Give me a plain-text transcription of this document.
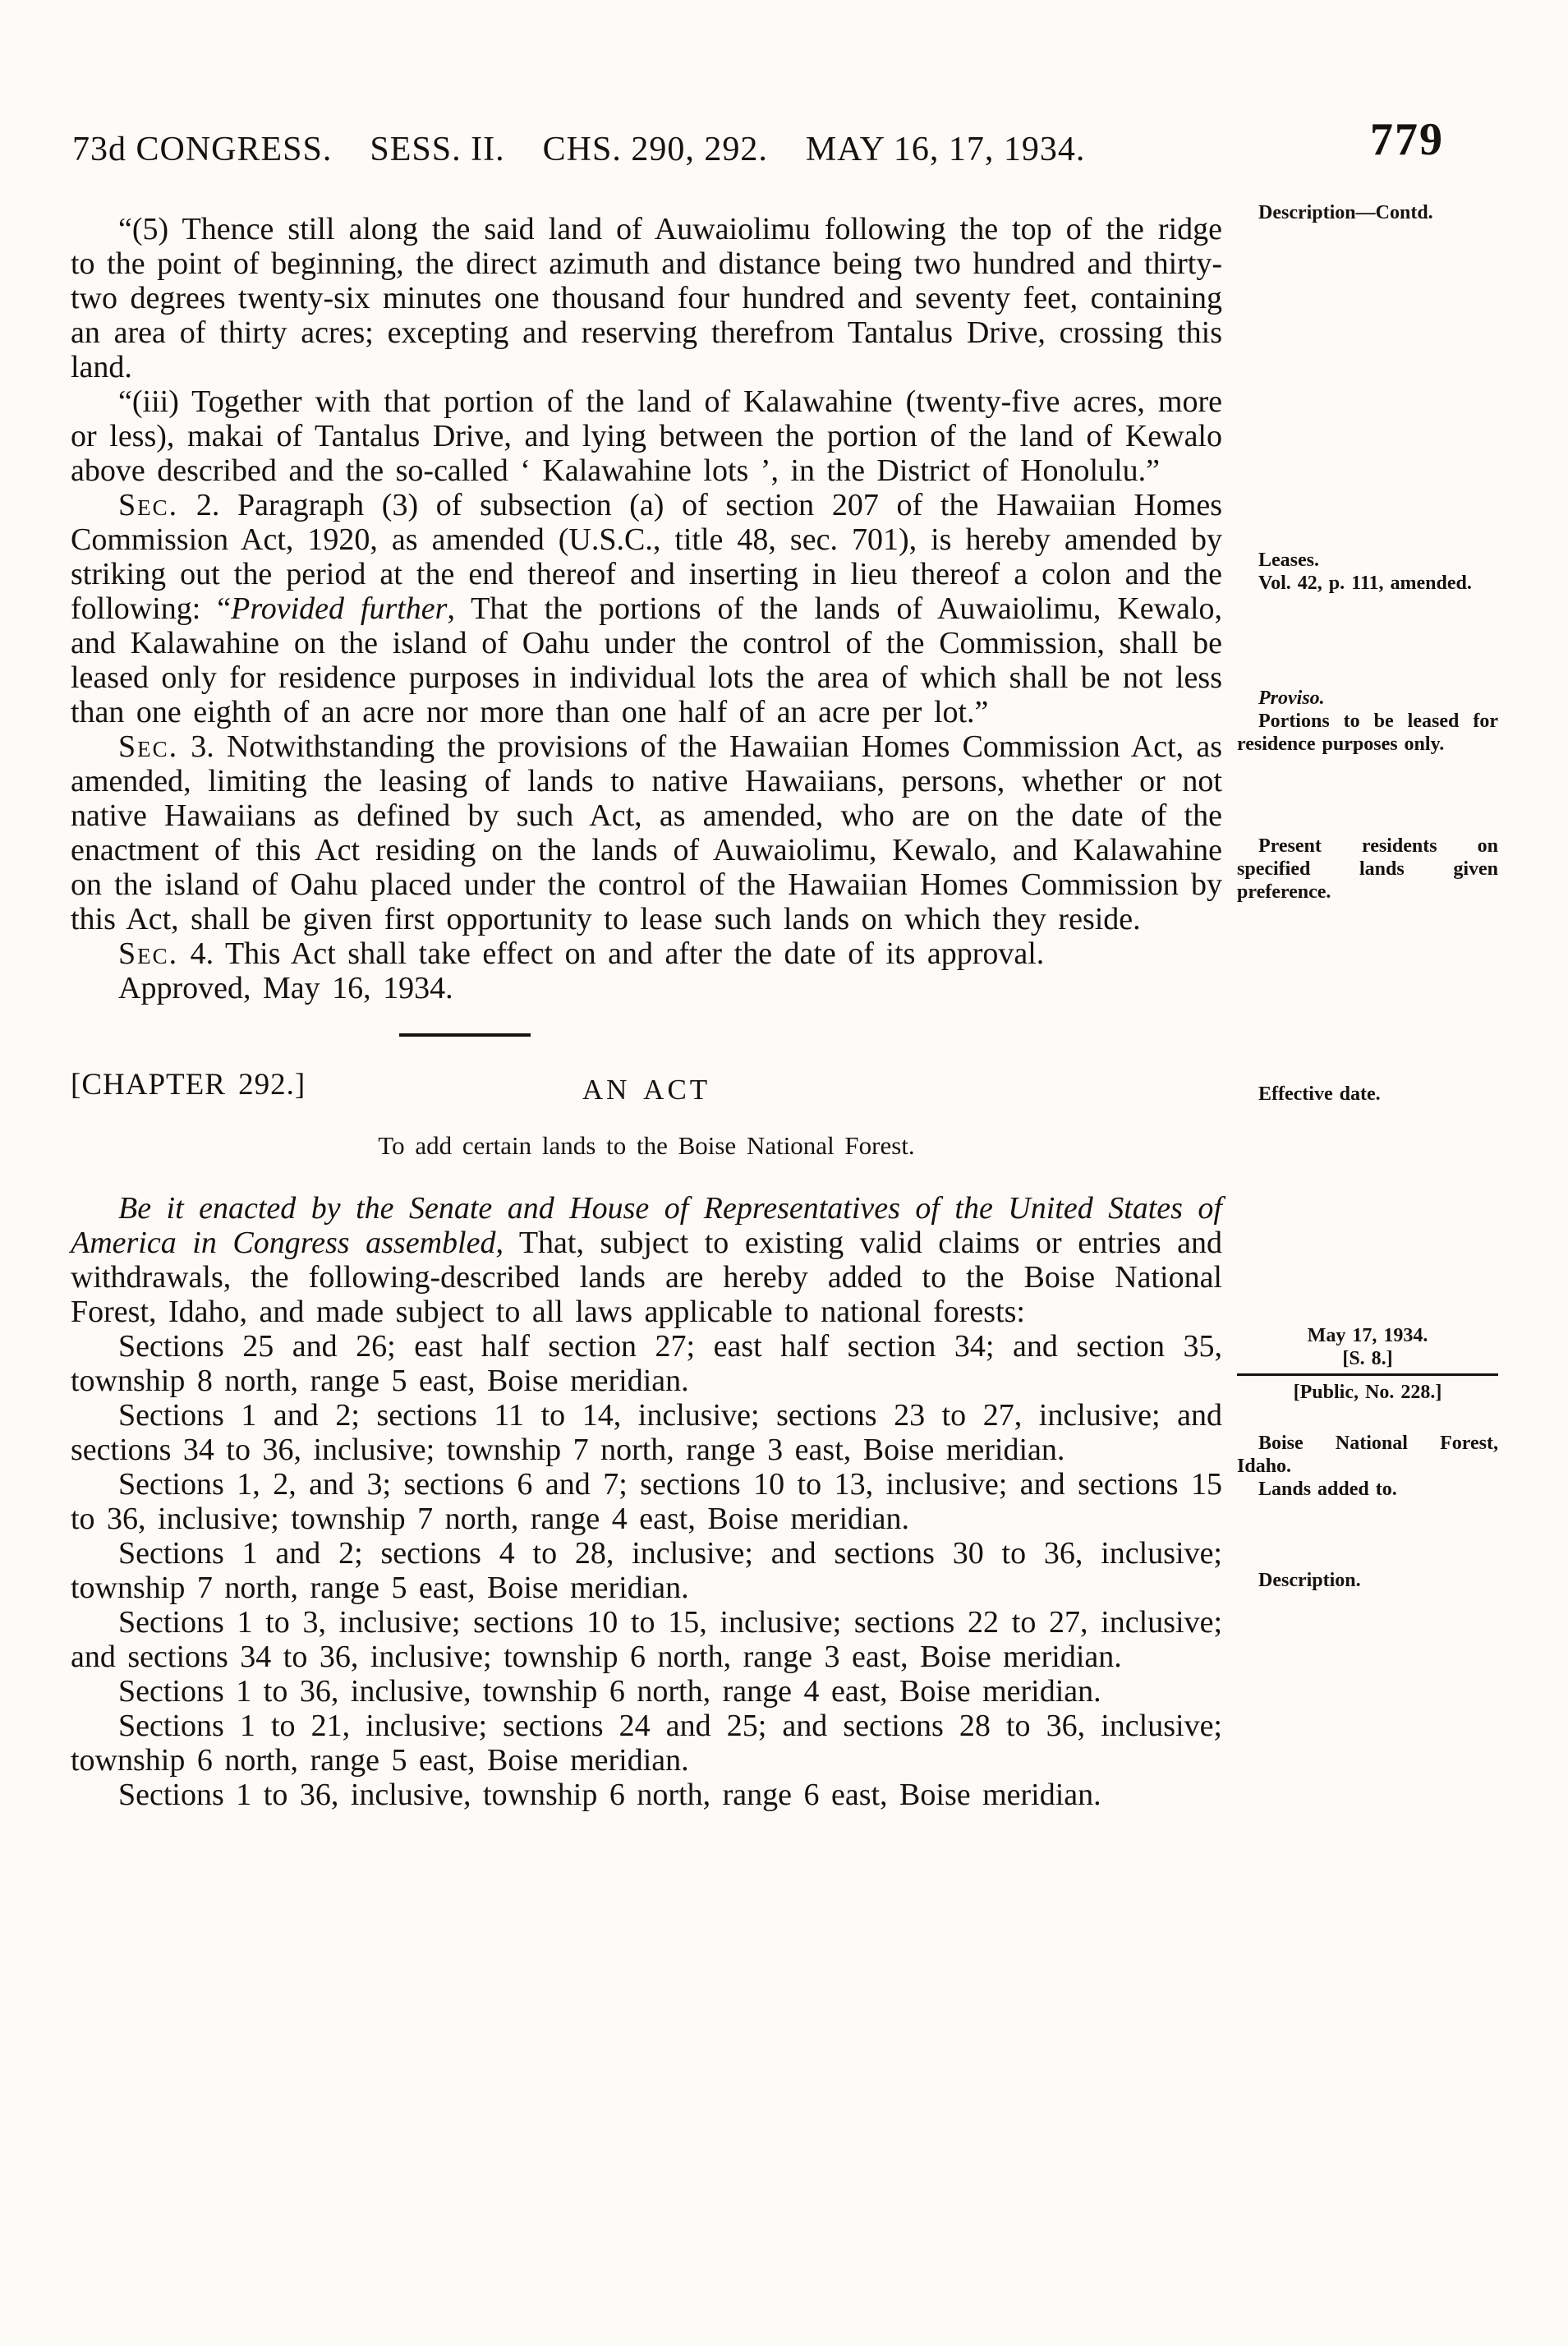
73d CONGRESS. SESS. II. CHS. 290, 292. MAY 16, 17, 1934.	779

“(5) Thence still along the said land of Auwaiolimu following the top of the ridge to the point of beginning, the direct azimuth and distance being two hundred and thirty-two degrees twenty-six minutes one thousand four hundred and seventy feet, containing an area of thirty acres; excepting and reserving therefrom Tantalus Drive, crossing this land.

“(iii) Together with that portion of the land of Kalawahine (twenty-five acres, more or less), makai of Tantalus Drive, and lying between the portion of the land of Kewalo above described and the so-called ‘ Kalawahine lots ’, in the District of Honolulu.”

Sec. 2. Paragraph (3) of subsection (a) of section 207 of the Hawaiian Homes Commission Act, 1920, as amended (U.S.C., title 48, sec. 701), is hereby amended by striking out the period at the end thereof and inserting in lieu thereof a colon and the following: “Provided further, That the portions of the lands of Auwaiolimu, Kewalo, and Kalawahine on the island of Oahu under the control of the Commission, shall be leased only for residence purposes in individual lots the area of which shall be not less than one eighth of an acre nor more than one half of an acre per lot.”

Sec. 3. Notwithstanding the provisions of the Hawaiian Homes Commission Act, as amended, limiting the leasing of lands to native Hawaiians, persons, whether or not native Hawaiians as defined by such Act, as amended, who are on the date of the enactment of this Act residing on the lands of Auwaiolimu, Kewalo, and Kalawahine on the island of Oahu placed under the control of the Hawaiian Homes Commission by this Act, shall be given first opportunity to lease such lands on which they reside.

Sec. 4. This Act shall take effect on and after the date of its approval.

Approved, May 16, 1934.

[CHAPTER 292.]	AN ACT
To add certain lands to the Boise National Forest.

Be it enacted by the Senate and House of Representatives of the United States of America in Congress assembled, That, subject to existing valid claims or entries and withdrawals, the following-described lands are hereby added to the Boise National Forest, Idaho, and made subject to all laws applicable to national forests:

Sections 25 and 26; east half section 27; east half section 34; and section 35, township 8 north, range 5 east, Boise meridian.

Sections 1 and 2; sections 11 to 14, inclusive; sections 23 to 27, inclusive; and sections 34 to 36, inclusive; township 7 north, range 3 east, Boise meridian.

Sections 1, 2, and 3; sections 6 and 7; sections 10 to 13, inclusive; and sections 15 to 36, inclusive; township 7 north, range 4 east, Boise meridian.

Sections 1 and 2; sections 4 to 28, inclusive; and sections 30 to 36, inclusive; township 7 north, range 5 east, Boise meridian.

Sections 1 to 3, inclusive; sections 10 to 15, inclusive; sections 22 to 27, inclusive; and sections 34 to 36, inclusive; township 6 north, range 3 east, Boise meridian.

Sections 1 to 36, inclusive, township 6 north, range 4 east, Boise meridian.

Sections 1 to 21, inclusive; sections 24 and 25; and sections 28 to 36, inclusive; township 6 north, range 5 east, Boise meridian.

Sections 1 to 36, inclusive, township 6 north, range 6 east, Boise meridian.

Description—Contd.

Leases.

Vol. 42, p. 111, amended.

Proviso.

Portions to be leased for residence purposes only.

Present residents on specified lands given preference.

Effective date.

May 17, 1934.

[S. 8.]

[Public, No. 228.]

Boise National Forest, Idaho.

Lands added to.

Description.
